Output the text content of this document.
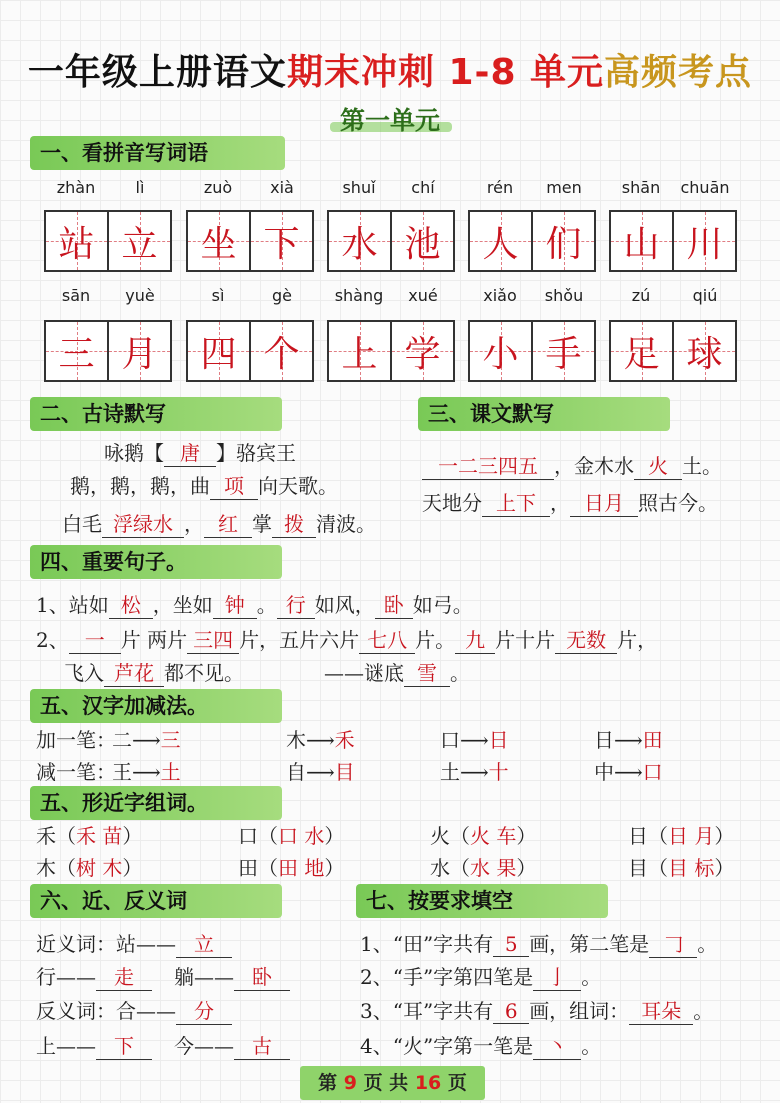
一年级上册语文期末冲刺 1-8 单元高频考点
第一单元
一、看拼音写词语
zhàn	lì
站 立
zuò	xià
坐 下
shuǐ	chí
水 池
rén	men
人 们
shān	chuān
山 川
sān	yuè
三 月
sì	gè
四 个
shàng	xué
上 学
xiǎo	shǒu
小 手
zú	qiú
足 球
二、古诗默写
咏鹅【 唐 】骆宾王
鹅，鹅，鹅，曲 项 向天歌。
白毛 浮绿水 ， 红 掌 拨 清波。
三、课文默写
一二三四五 ，金木水 火 土。
天地分 上下 ， 日月 照古今。
四、重要句子。
1、站如 松 ，坐如 钟 。 行 如风， 卧 如弓。
2、 一 片 两片 三四 片，五片六片 七八 片。 九 片十片 无数 片，
飞入 芦花 都不见。	——谜底 雪 。
五、汉字加减法。
加一笔：
二⟶三	木⟶禾	口⟶日	日⟶田
减一笔：
王⟶土	自⟶目	土⟶十	中⟶口
五、形近字组词。
禾（禾 苗）	口（口 水）	火（火 车）	日（日 月）
木（树 木）	田（田 地）	水（水 果）	目（目 标）
六、近、反义词
近义词：站—— 立
行—— 走 躺—— 卧
反义词：合—— 分
上—— 下 今—— 古
七、按要求填空
1、“田”字共有 5 画，第二笔是 𠃌 。
2、“手”字第四笔是 亅 。
3、“耳”字共有 6 画，组词： 耳朵 。
4、“火”字第一笔是 丶 。
第 9 页 共 16 页
